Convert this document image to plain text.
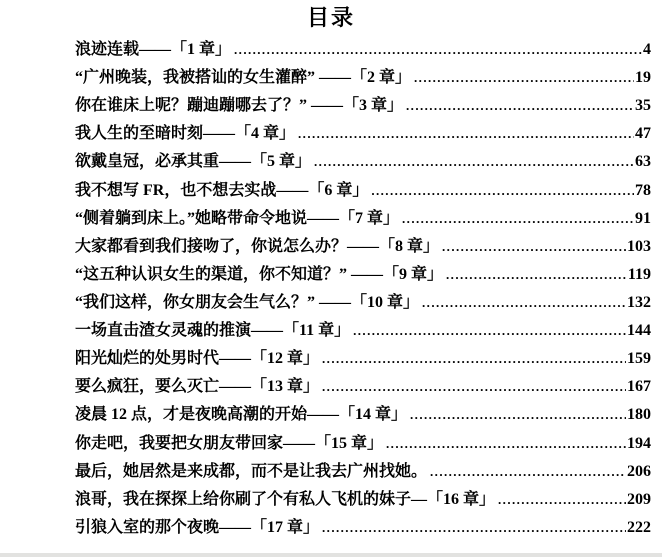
目录
浪迹连载——「1 章」 .....	4
“广州晚装，我被搭讪的女生灌醉” ——「2 章」 .....	19
你在谁床上呢？蹦迪蹦哪去了？” ——「3 章」 .....	35
我人生的至暗时刻——「4 章」 .....	47
欲戴皇冠，必承其重——「5 章」 .....	63
我不想写 FR，也不想去实战——「6 章」 .....	78
“侧着躺到床上。”她略带命令地说——「7 章」 .....	91
大家都看到我们接吻了，你说怎么办？——「8 章」 .....	103
“这五种认识女生的渠道，你不知道？” ——「9 章」 .....	119
“我们这样，你女朋友会生气么？” ——「10 章」 .....	132
一场直击渣女灵魂的推演——「11 章」 .....	144
阳光灿烂的处男时代——「12 章」 .....	159
要么疯狂，要么灭亡——「13 章」 .....	167
凌晨 12 点，才是夜晚高潮的开始——「14 章」 .....	180
你走吧，我要把女朋友带回家——「15 章」 .....	194
最后，她居然是来成都，而不是让我去广州找她。 .....	206
浪哥，我在探探上给你刷了个有私人飞机的妹子—「16 章」 .....	209
引狼入室的那个夜晚——「17 章」 .....	222
